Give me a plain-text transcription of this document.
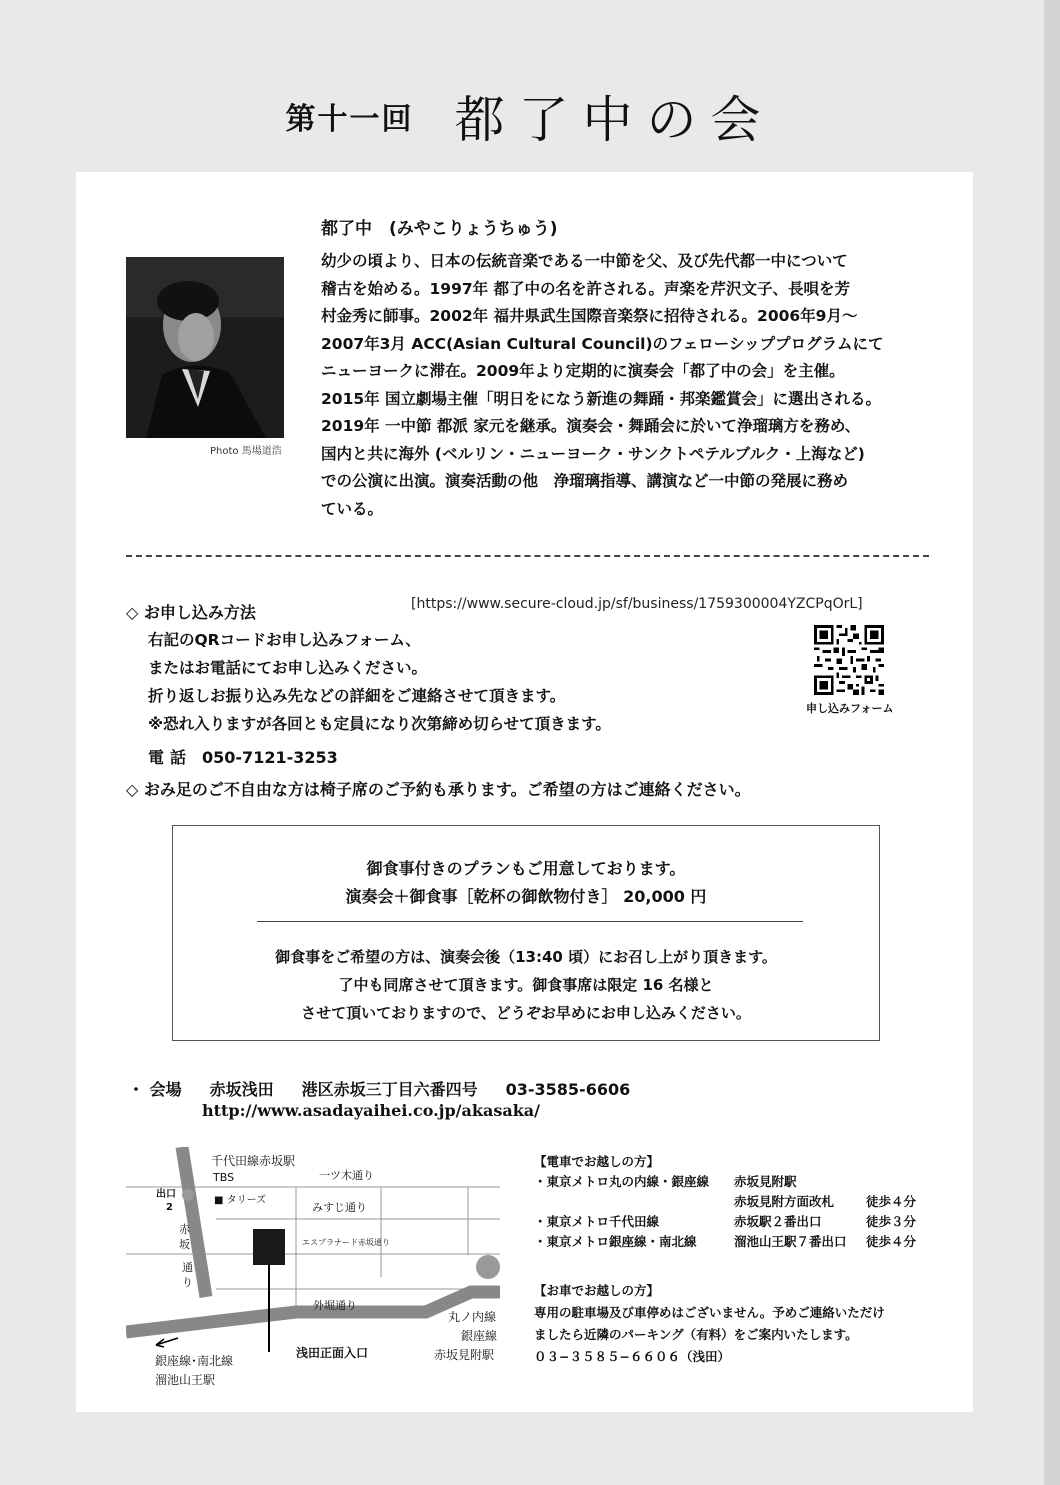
第十一回 都了中の会
Photo 馬場道浩
都了中　(みやこりょうちゅう)
幼少の頃より、日本の伝統音楽である一中節を父、及び先代都一中について
稽古を始める。1997年 都了中の名を許される。声楽を芹沢文子、長唄を芳
村金秀に師事。2002年 福井県武生国際音楽祭に招待される。2006年9月〜
2007年3月 ACC(Asian Cultural Council)のフェローシッププログラムにて
ニューヨークに滞在。2009年より定期的に演奏会「都了中の会」を主催。
2015年 国立劇場主催「明日をになう新進の舞踊・邦楽鑑賞会」に選出される。
2019年 一中節 都派 家元を継承。演奏会・舞踊会に於いて浄瑠璃方を務め、
国内と共に海外 (ベルリン・ニューヨーク・サンクトペテルブルク・上海など)
での公演に出演。演奏活動の他　浄瑠璃指導、講演など一中節の発展に務め
ている。
◇ お申し込み方法	[https://www.secure-cloud.jp/sf/business/1759300004YZCPqOrL]
右記のQRコードお申し込みフォーム、
またはお電話にてお申し込みください。
折り返しお振り込み先などの詳細をご連絡させて頂きます。
※恐れ入りますが各回とも定員になり次第締め切らせて頂きます。
申し込みフォーム
電話 050-7121-3253
◇ おみ足のご不自由な方は椅子席のご予約も承ります。ご希望の方はご連絡ください。
御食事付きのプランもご用意しております。
演奏会＋御食事［乾杯の御飲物付き］ 20,000 円
御食事をご希望の方は、演奏会後（13:40 頃）にお召し上がり頂きます。
了中も同席させて頂きます。御食事席は限定 16 名様と
させて頂いておりますので、どうぞお早めにお申し込みください。
・ 会場 赤坂浅田 港区赤坂三丁目六番四号 03-3585-6606
http://www.asadayaihei.co.jp/akasaka/
千代田線赤坂駅
TBS
■ タリーズ
出口
2
一ツ木通り
みすじ通り
エスプラナード赤坂通り
外堀通り
赤
坂
通
り
浅田正面入口
丸ノ内線
銀座線
赤坂見附駅
銀座線･南北線
溜池山王駅
【電車でお越しの方】
・東京メトロ丸の内線・銀座線 赤坂見附駅
赤坂見附方面改札	徒歩４分
・東京メトロ千代田線	赤坂駅２番出口	徒歩３分
・東京メトロ銀座線・南北線	溜池山王駅７番出口 徒歩４分
【お車でお越しの方】
専用の駐車場及び車停めはございません。予めご連絡いただけ
ましたら近隣のパーキング（有料）をご案内いたします。
０３−３５８５−６６０６（浅田）
